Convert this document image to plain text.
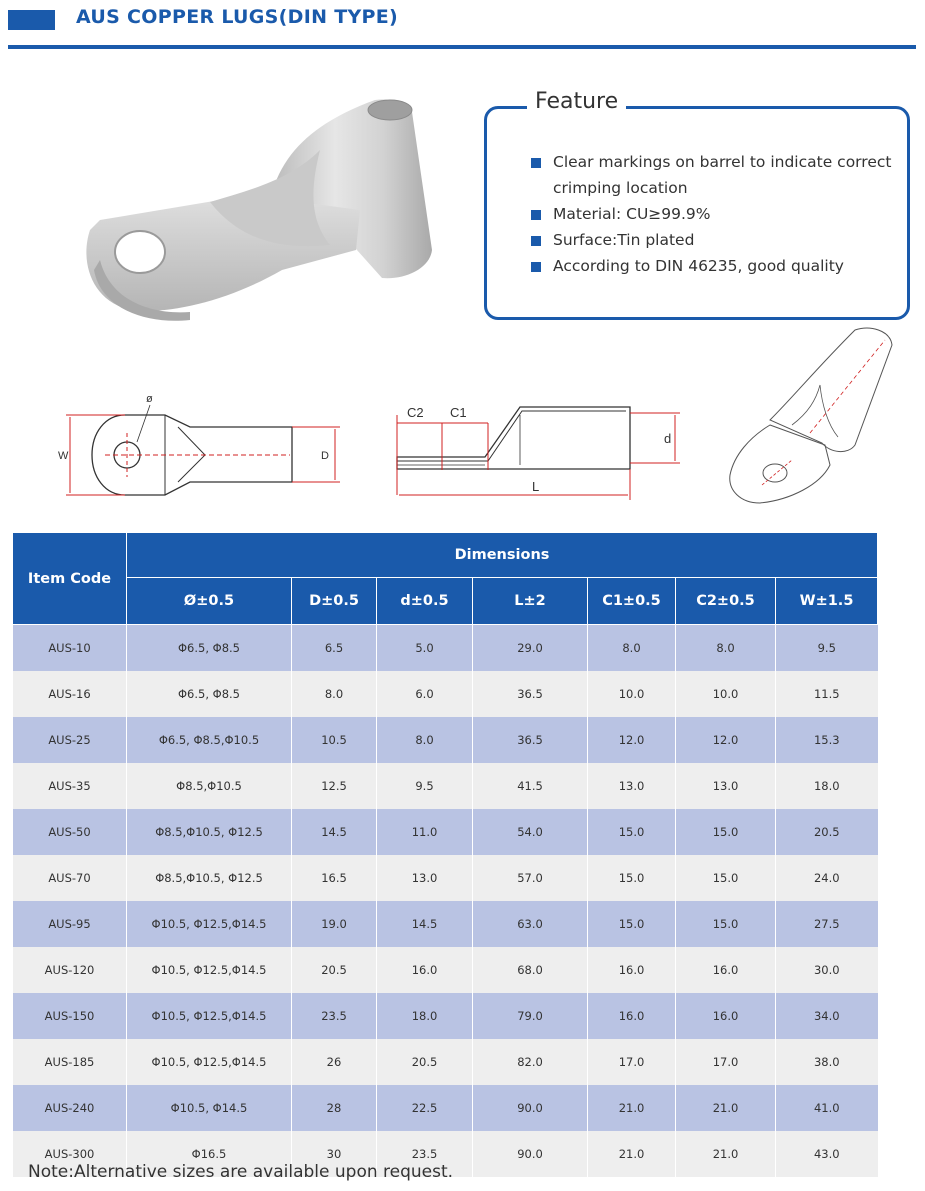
AUS COPPER LUGS(DIN TYPE)
Feature
Clear markings on barrel to indicate correct crimping location
Material: CU≥99.9%
Surface:Tin plated
According to DIN 46235, good quality
ø
W	D
C2 C1
d
L
Item Code	Dimensions						
	Ø±0.5	D±0.5	d±0.5	L±2	C1±0.5	C2±0.5	W±1.5
AUS-10	Φ6.5, Φ8.5	6.5	5.0	29.0	8.0	8.0	9.5
AUS-16	Φ6.5, Φ8.5	8.0	6.0	36.5	10.0	10.0	11.5
AUS-25	Φ6.5, Φ8.5,Φ10.5	10.5	8.0	36.5	12.0	12.0	15.3
AUS-35	Φ8.5,Φ10.5	12.5	9.5	41.5	13.0	13.0	18.0
AUS-50	Φ8.5,Φ10.5, Φ12.5	14.5	11.0	54.0	15.0	15.0	20.5
AUS-70	Φ8.5,Φ10.5, Φ12.5	16.5	13.0	57.0	15.0	15.0	24.0
AUS-95	Φ10.5, Φ12.5,Φ14.5	19.0	14.5	63.0	15.0	15.0	27.5
AUS-120	Φ10.5, Φ12.5,Φ14.5	20.5	16.0	68.0	16.0	16.0	30.0
AUS-150	Φ10.5, Φ12.5,Φ14.5	23.5	18.0	79.0	16.0	16.0	34.0
AUS-185	Φ10.5, Φ12.5,Φ14.5	26	20.5	82.0	17.0	17.0	38.0
AUS-240	Φ10.5, Φ14.5	28	22.5	90.0	21.0	21.0	41.0
AUS-300	Φ16.5	30	23.5	90.0	21.0	21.0	43.0
Note:Alternative sizes are available upon request.
